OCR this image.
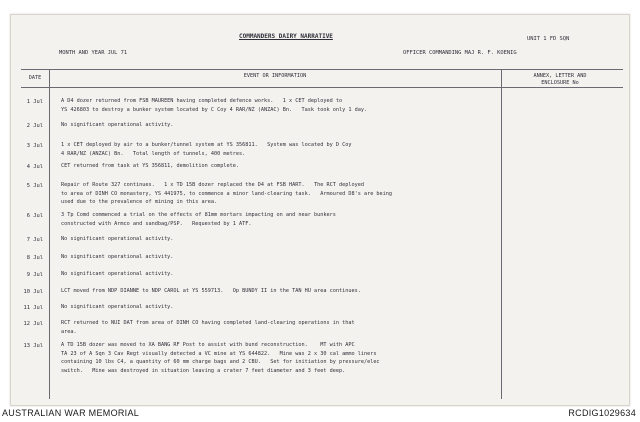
COMMANDERS DAIRY NARRATIVE	UNIT 1 FD SQN
MONTH AND YEAR JUL 71	OFFICER COMMANDING MAJ R. F. KOENIG
DATE	EVENT OR INFORMATION	ANNEX, LETTER AND
ENCLOSURE No
1 Jul	A D4 dozer returned from FSB MAUREEN having completed defence works.   1 x CET deployed to
YS 426803 to destroy a bunker system located by C Coy 4 RAR/NZ (ANZAC) Bn.   Task took only 1 day.
2 Jul	No significant operational activity.
3 Jul	1 x CET deployed by air to a bunker/tunnel system at YS 356811.   System was located by D Coy
4 RAR/NZ (ANZAC) Bn.   Total length of tunnels, 400 metres.
4 Jul	CET returned from task at YS 356811, demolition complete.
5 Jul	Repair of Route 327 continues.   1 x TD 15B dozer replaced the D4 at FSB HART.   The RCT deployed
to area of DINH CO monastery, YS 441975, to commence a minor land-clearing task.   Armoured D8's are being
used due to the prevalence of mining in this area.
6 Jul	3 Tp Comd commenced a trial on the effects of 81mm mortars impacting on and near bunkers
constructed with Armco and sandbag/PSP.   Requested by 1 ATF.
7 Jul	No significant operational activity.
8 Jul	No significant operational activity.
9 Jul	No significant operational activity.
10 Jul	LCT moved from NDP DIANNE to NDP CAROL at YS 559713.   Op BUNDY II in the TAN HU area continues.
11 Jul	No significant operational activity.
12 Jul	RCT returned to NUI DAT from area of DINH CO having completed land-clearing operations in that
area.
13 Jul	A TD 15B dozer was moved to XA BANG RF Post to assist with bund reconstruction.    MT with APC
TA 23 of A Sqn 3 Cav Regt visually detected a VC mine at YS 644822.   Mine was 2 x 30 cal ammo liners
containing 10 lbs C4, a quantity of 60 mm charge bags and 2 CBU.   Set for initiation by pressure/elec
switch.   Mine was destroyed in situation leaving a crater 7 feet diameter and 3 feet deep.
AUSTRALIAN WAR MEMORIAL	RCDIG1029634
